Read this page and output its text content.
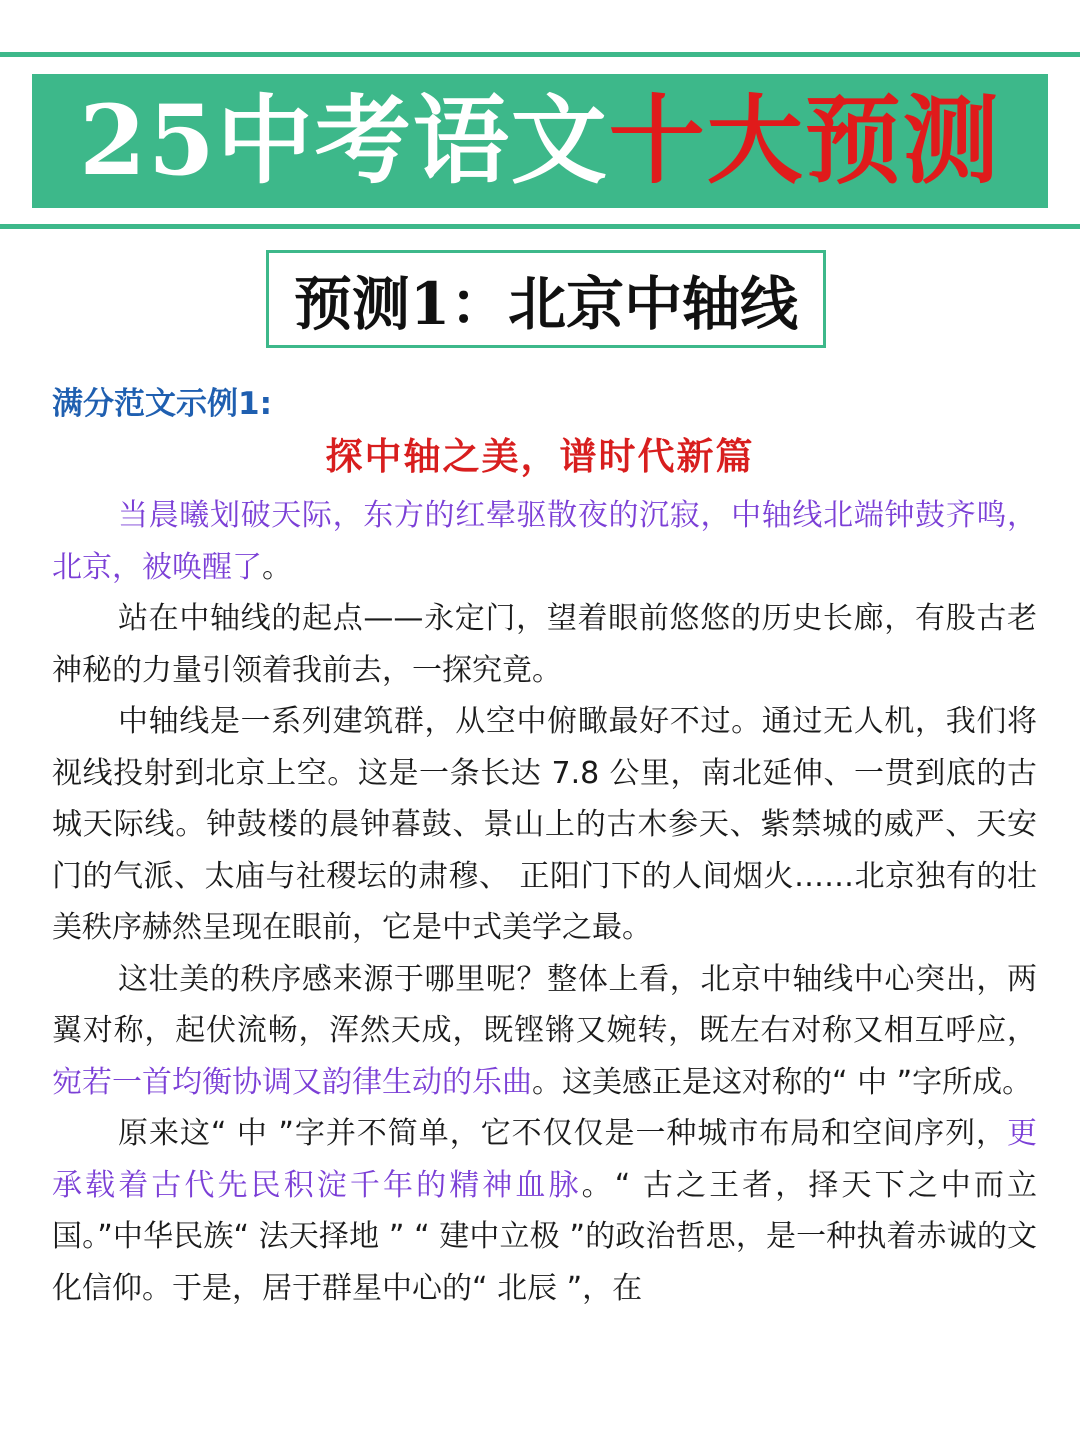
25中考语文 十大预测
预测1：北京中轴线
满分范文示例1:
探中轴之美，谱时代新篇

当晨曦划破天际，东方的红晕驱散夜的沉寂，中轴线北端钟鼓齐鸣，北京，被唤醒了。

站在中轴线的起点——永定门，望着眼前悠悠的历史长廊，有股古老神秘的力量引领着我前去，一探究竟。

中轴线是一系列建筑群，从空中俯瞰最好不过。通过无人机，我们将视线投射到北京上空。这是一条长达 7.8 公里，南北延伸、一贯到底的古城天际线。钟鼓楼的晨钟暮鼓、景山上的古木参天、紫禁城的威严、天安门的气派、太庙与社稷坛的肃穆、 正阳门下的人间烟火……北京独有的壮美秩序赫然呈现在眼前，它是中式美学之最。

这壮美的秩序感来源于哪里呢？整体上看，北京中轴线中心突出，两翼对称，起伏流畅，浑然天成，既铿锵又婉转，既左右对称又相互呼应，宛若一首均衡协调又韵律生动的乐曲。这美感正是这对称的“ 中 ”字所成。

原来这“ 中 ”字并不简单，它不仅仅是一种城市布局和空间序列，更承载着古代先民积淀千年的精神血脉。“ 古之王者，择天下之中而立国。”中华民族“ 法天择地 ” “ 建中立极 ”的政治哲思，是一种执着赤诚的文化信仰。于是，居于群星中心的“ 北辰 ”，在
